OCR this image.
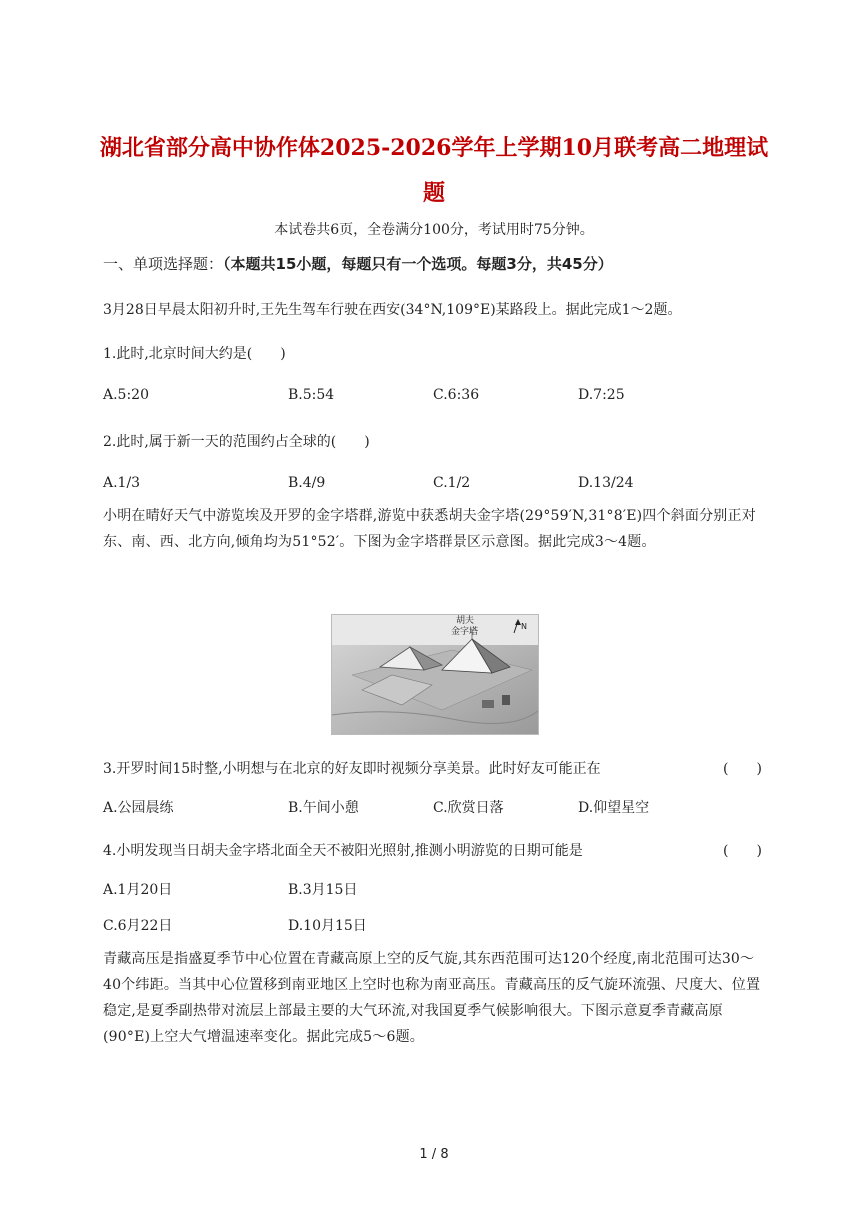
湖北省部分高中协作体2025-2026学年上学期10月联考高二地理试
题
本试卷共6页，全卷满分100分，考试用时75分钟。
一、单项选择题：（本题共15小题，每题只有一个选项。每题3分，共45分）
3月28日早晨太阳初升时,王先生驾车行驶在西安(34°N,109°E)某路段上。据此完成1～2题。
1.此时,北京时间大约是(　　)
A.5:20	B.5:54	C.6:36	D.7:25
2.此时,属于新一天的范围约占全球的(　　)
A.1/3	B.4/9	C.1/2	D.13/24
小明在晴好天气中游览埃及开罗的金字塔群,游览中获悉胡夫金字塔(29°59′N,31°8′E)四个斜面分别正对东、南、西、北方向,倾角均为51°52′。下图为金字塔群景区示意图。据此完成3～4题。
胡夫
金字塔
N
3.开罗时间15时整,小明想与在北京的好友即时视频分享美景。此时好友可能正在	(　　)
A.公园晨练	B.午间小憩	C.欣赏日落	D.仰望星空
4.小明发现当日胡夫金字塔北面全天不被阳光照射,推测小明游览的日期可能是	(　　)
A.1月20日	B.3月15日
C.6月22日	D.10月15日
青藏高压是指盛夏季节中心位置在青藏高原上空的反气旋,其东西范围可达120个经度,南北范围可达30～40个纬距。当其中心位置移到南亚地区上空时也称为南亚高压。青藏高压的反气旋环流强、尺度大、位置稳定,是夏季副热带对流层上部最主要的大气环流,对我国夏季气候影响很大。下图示意夏季青藏高原(90°E)上空大气增温速率变化。据此完成5～6题。
1 / 8
